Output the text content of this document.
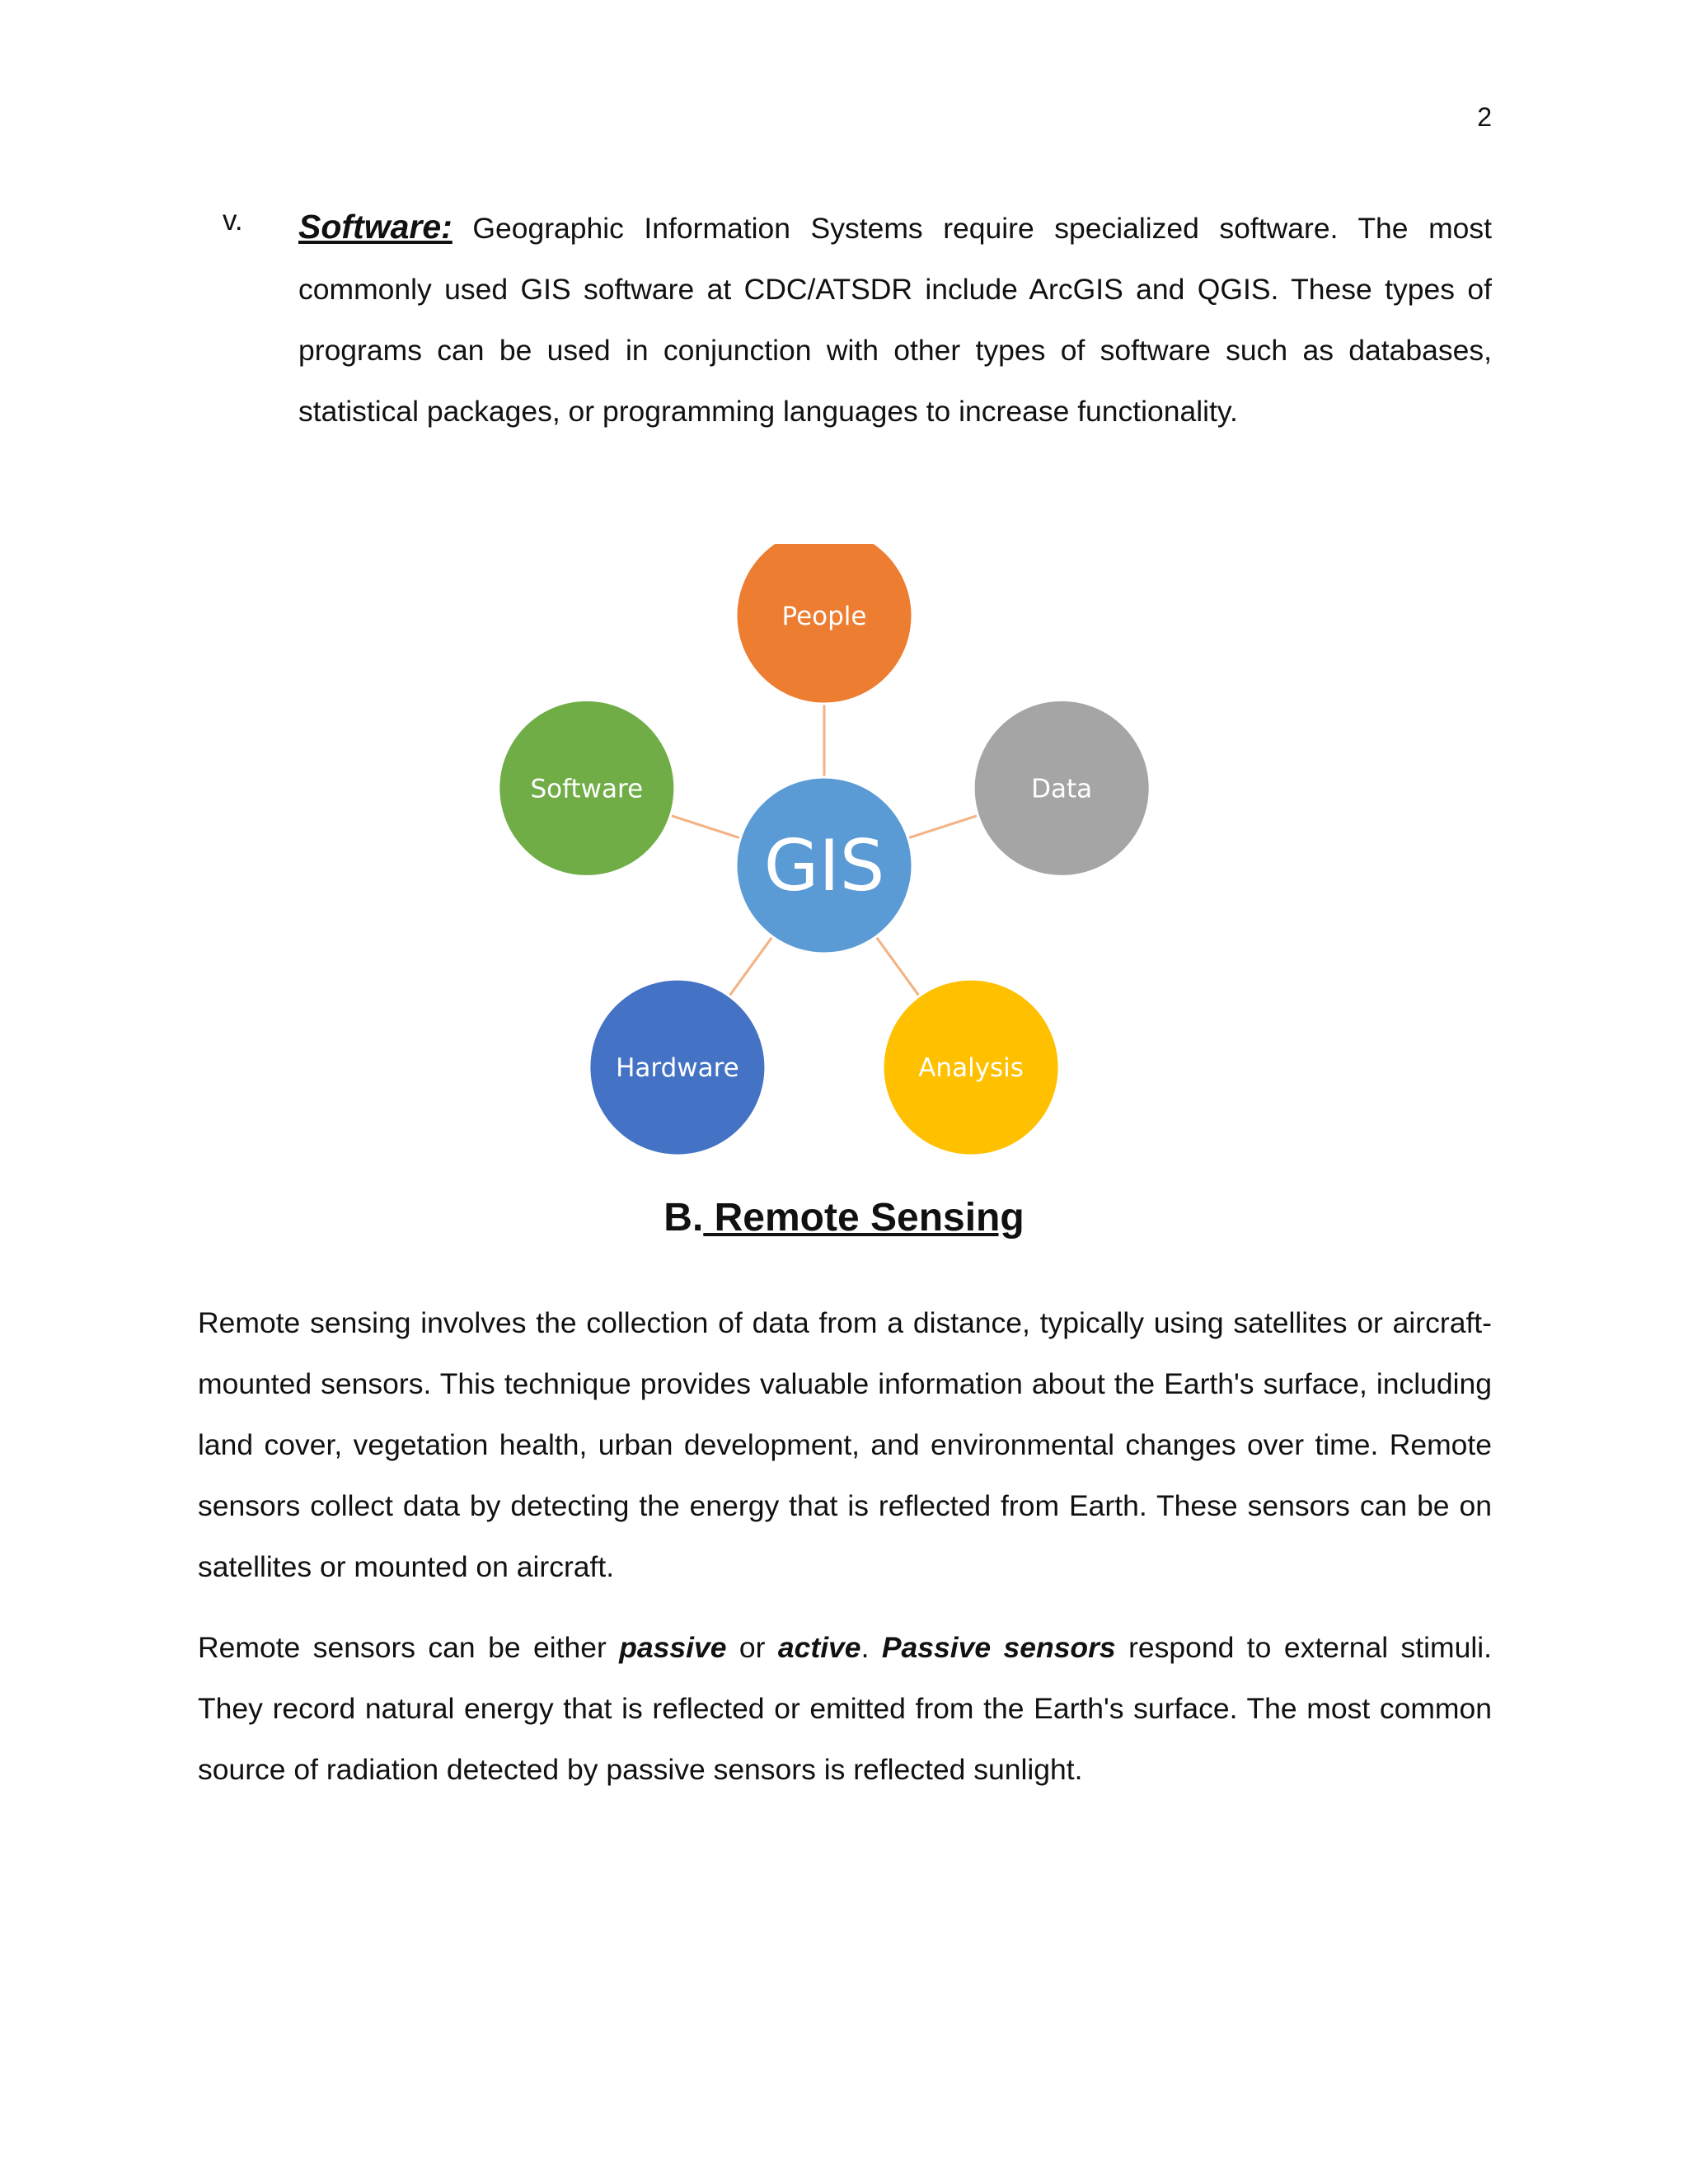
2
v. Software: Geographic Information Systems require specialized software. The most commonly used GIS software at CDC/ATSDR include ArcGIS and QGIS. These types of programs can be used in conjunction with other types of software such as databases, statistical packages, or programming languages to increase functionality.
People
Data
Analysis
Hardware
Software
GIS
B. Remote Sensing
Remote sensing involves the collection of data from a distance, typically using satellites or aircraft-mounted sensors. This technique provides valuable information about the Earth's surface, including land cover, vegetation health, urban development, and environmental changes over time. Remote sensors collect data by detecting the energy that is reflected from Earth. These sensors can be on satellites or mounted on aircraft.
Remote sensors can be either passive or active. Passive sensors respond to external stimuli. They record natural energy that is reflected or emitted from the Earth's surface. The most common source of radiation detected by passive sensors is reflected sunlight.
